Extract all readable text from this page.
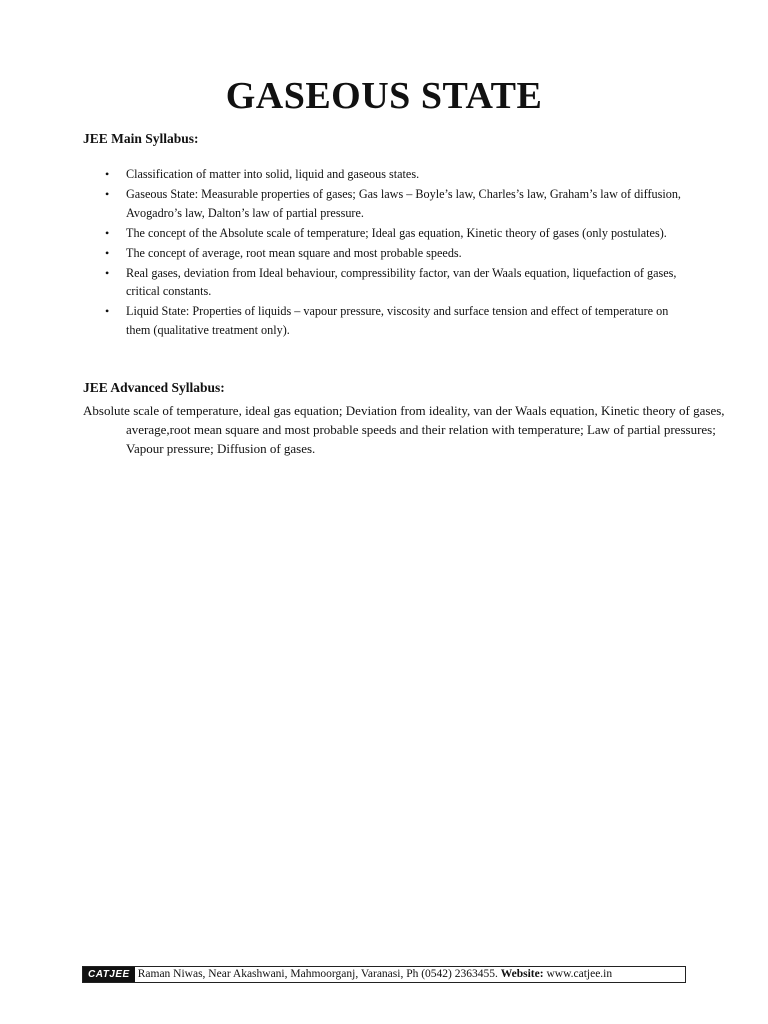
GASEOUS STATE
JEE Main Syllabus:
• Classification of matter into solid, liquid and gaseous states.
• Gaseous State: Measurable properties of gases; Gas laws – Boyle’s law, Charles’s law, Graham’s law of diffusion, Avogadro’s law, Dalton’s law of partial pressure.
• The concept of the Absolute scale of temperature; Ideal gas equation, Kinetic theory of gases (only postulates).
• The concept of average, root mean square and most probable speeds.
• Real gases, deviation from Ideal behaviour, compressibility factor, van der Waals equation, liquefaction of gases, critical constants.
• Liquid State: Properties of liquids – vapour pressure, viscosity and surface tension and effect of temperature on them (qualitative treatment only).
JEE Advanced Syllabus:

Absolute scale of temperature, ideal gas equation; Deviation from ideality, van der Waals equation, Kinetic theory of gases, average,root mean square and most probable speeds and their relation with temperature; Law of partial pressures; Vapour pressure; Diffusion of gases.

CATJEE Raman Niwas, Near Akashwani, Mahmoorganj, Varanasi, Ph (0542) 2363455. Website: www.catjee.in
